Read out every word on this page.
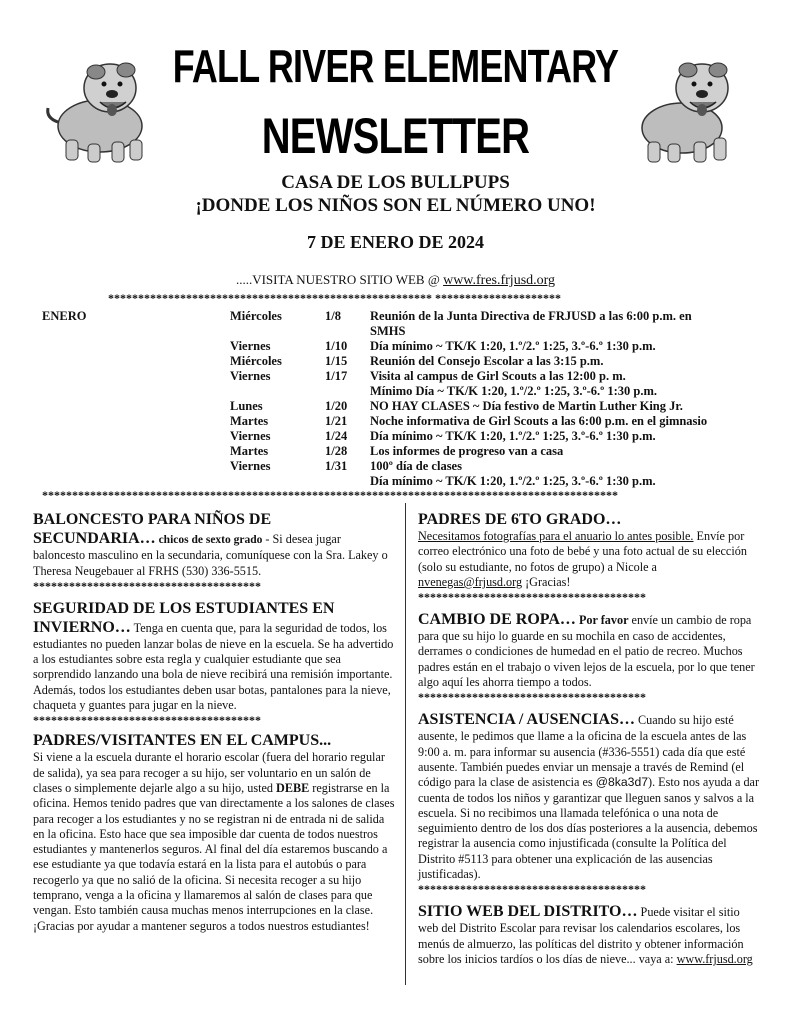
FALL RIVER ELEMENTARY
NEWSLETTER
CASA DE LOS BULLPUPS
¡DONDE LOS NIÑOS SON EL NÚMERO UNO!
7 DE ENERO DE 2024
.....VISITA NUESTRO SITIO WEB @ www.fres.frjusd.org
****************************************************** *********************
ENERO	Miércoles	1/8 Reunión de la Junta Directiva de FRJUSD a las 6:00 p.m. en
SMHS
Viernes	1/10 Día mínimo ~ TK/K 1:20, 1.º/2.º 1:25, 3.º-6.º 1:30 p.m.
Miércoles	1/15 Reunión del Consejo Escolar a las 3:15 p.m.
Viernes	1/17 Visita al campus de Girl Scouts a las 12:00 p. m.
Mínimo Día ~ TK/K 1:20, 1.º/2.º 1:25, 3.º-6.º 1:30 p.m.
Lunes	1/20 NO HAY CLASES ~ Día festivo de Martin Luther King Jr.
Martes	1/21 Noche informativa de Girl Scouts a las 6:00 p.m. en el gimnasio
Viernes	1/24 Día mínimo ~ TK/K 1:20, 1.º/2.º 1:25, 3.º-6.º 1:30 p.m.
Martes	1/28 Los informes de progreso van a casa
Viernes	1/31 100º día de clases
Día mínimo ~ TK/K 1:20, 1.º/2.º 1:25, 3.º-6.º 1:30 p.m.
************************************************************************************************

BALONCESTO PARA NIÑOS DE SECUNDARIA… chicos de sexto grado - Si desea jugar baloncesto masculino en la secundaria, comuníquese con la Sra. Lakey o Theresa Neugebauer al FRHS (530) 336-5515.

**************************************

SEGURIDAD DE LOS ESTUDIANTES EN INVIERNO… Tenga en cuenta que, para la seguridad de todos, los estudiantes no pueden lanzar bolas de nieve en la escuela. Se ha advertido a los estudiantes sobre esta regla y cualquier estudiante que sea sorprendido lanzando una bola de nieve recibirá una remisión importante.

Además, todos los estudiantes deben usar botas, pantalones para la nieve, chaqueta y guantes para jugar en la nieve.

**************************************

PADRES/VISITANTES EN EL CAMPUS...

Si viene a la escuela durante el horario escolar (fuera del horario regular de salida), ya sea para recoger a su hijo, ser voluntario en un salón de clases o simplemente dejarle algo a su hijo, usted DEBE registrarse en la oficina. Hemos tenido padres que van directamente a los salones de clases para recoger a los estudiantes y no se registran ni de entrada ni de salida en la oficina. Esto hace que sea imposible dar cuenta de todos nuestros estudiantes y mantenerlos seguros. Al final del día estaremos buscando a ese estudiante ya que todavía estará en la lista para el autobús o para recogerlo ya que no salió de la oficina. Si necesita recoger a su hijo temprano, venga a la oficina y llamaremos al salón de clases para que vengan. Esto también causa muchas menos interrupciones en la clase. ¡Gracias por ayudar a mantener seguros a todos nuestros estudiantes!

PADRES DE 6TO GRADO…

Necesitamos fotografías para el anuario lo antes posible. Envíe por correo electrónico una foto de bebé y una foto actual de su elección (solo su estudiante, no fotos de grupo) a Nicole a nvenegas@frjusd.org ¡Gracias!

**************************************

CAMBIO DE ROPA… Por favor envíe un cambio de ropa para que su hijo lo guarde en su mochila en caso de accidentes, derrames o condiciones de humedad en el patio de recreo. Muchos padres están en el trabajo o viven lejos de la escuela, por lo que tener algo aquí les ahorra tiempo a todos.

**************************************

ASISTENCIA / AUSENCIAS… Cuando su hijo esté ausente, le pedimos que llame a la oficina de la escuela antes de las 9:00 a. m. para informar su ausencia (#336-5551) cada día que esté ausente. También puedes enviar un mensaje a través de Remind (el código para la clase de asistencia es @8ka3d7). Esto nos ayuda a dar cuenta de todos los niños y garantizar que lleguen sanos y salvos a la escuela. Si no recibimos una llamada telefónica o una nota de seguimiento dentro de los dos días posteriores a la ausencia, debemos registrar la ausencia como injustificada (consulte la Política del Distrito #5113 para obtener una explicación de las ausencias justificadas).

**************************************

SITIO WEB DEL DISTRITO… Puede visitar el sitio web del Distrito Escolar para revisar los calendarios escolares, los menús de almuerzo, las políticas del distrito y obtener información sobre los inicios tardíos o los días de nieve... vaya a: www.frjusd.org
